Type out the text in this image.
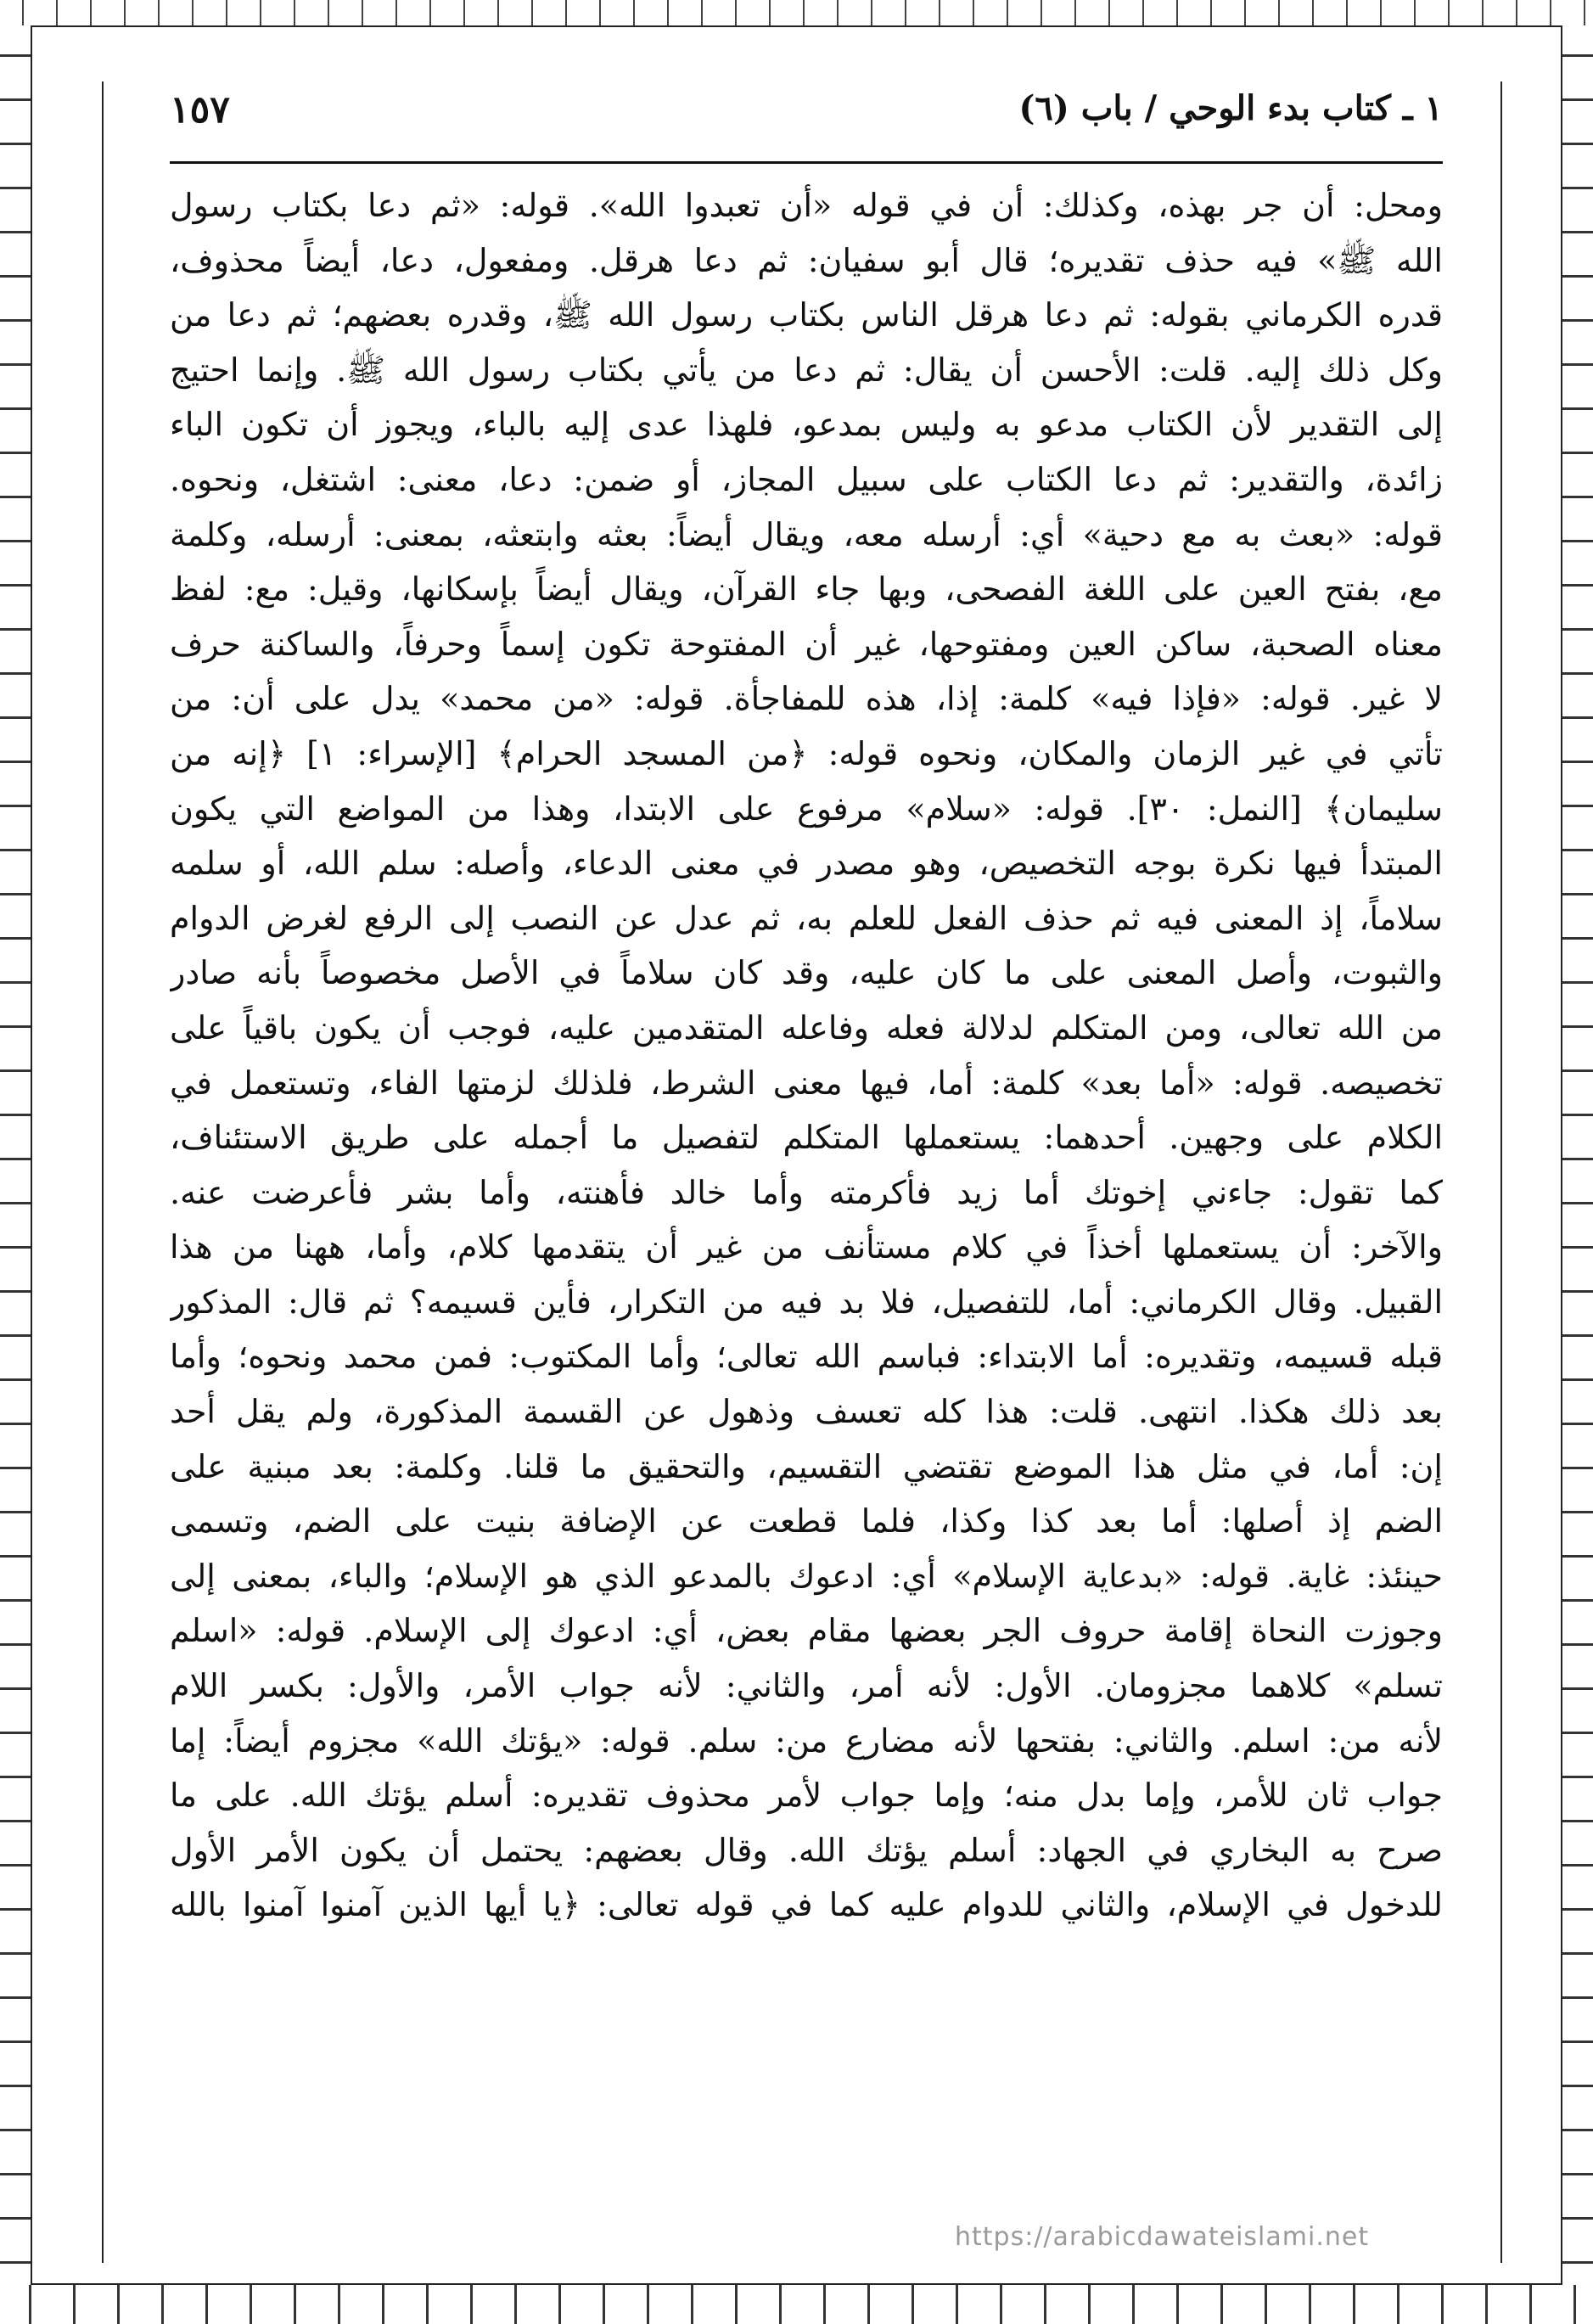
١ ـ كتاب بدء الوحي / باب (٦)
١٥٧
ومحل: أن جر بهذه، وكذلك: أن في قوله «أن تعبدوا الله». قوله: «ثم دعا بكتاب رسول
الله ﷺ» فيه حذف تقديره؛ قال أبو سفيان: ثم دعا هرقل. ومفعول، دعا، أيضاً محذوف،
قدره الكرماني بقوله: ثم دعا هرقل الناس بكتاب رسول الله ﷺ، وقدره بعضهم؛ ثم دعا من
وكل ذلك إليه. قلت: الأحسن أن يقال: ثم دعا من يأتي بكتاب رسول الله ﷺ. وإنما احتيج
إلى التقدير لأن الكتاب مدعو به وليس بمدعو، فلهذا عدى إليه بالباء، ويجوز أن تكون الباء
زائدة، والتقدير: ثم دعا الكتاب على سبيل المجاز، أو ضمن: دعا، معنى: اشتغل، ونحوه.
قوله: «بعث به مع دحية» أي: أرسله معه، ويقال أيضاً: بعثه وابتعثه، بمعنى: أرسله، وكلمة
مع، بفتح العين على اللغة الفصحى، وبها جاء القرآن، ويقال أيضاً بإسكانها، وقيل: مع: لفظ
معناه الصحبة، ساكن العين ومفتوحها، غير أن المفتوحة تكون إسماً وحرفاً، والساكنة حرف
لا غير. قوله: «فإذا فيه» كلمة: إذا، هذه للمفاجأة. قوله: «من محمد» يدل على أن: من
تأتي في غير الزمان والمكان، ونحوه قوله: ﴿من المسجد الحرام﴾ [الإسراء: ١] ﴿إنه من
سليمان﴾ [النمل: ٣٠]. قوله: «سلام» مرفوع على الابتدا، وهذا من المواضع التي يكون
المبتدأ فيها نكرة بوجه التخصيص، وهو مصدر في معنى الدعاء، وأصله: سلم الله، أو سلمه
سلاماً، إذ المعنى فيه ثم حذف الفعل للعلم به، ثم عدل عن النصب إلى الرفع لغرض الدوام
والثبوت، وأصل المعنى على ما كان عليه، وقد كان سلاماً في الأصل مخصوصاً بأنه صادر
من الله تعالى، ومن المتكلم لدلالة فعله وفاعله المتقدمين عليه، فوجب أن يكون باقياً على
تخصيصه. قوله: «أما بعد» كلمة: أما، فيها معنى الشرط، فلذلك لزمتها الفاء، وتستعمل في
الكلام على وجهين. أحدهما: يستعملها المتكلم لتفصيل ما أجمله على طريق الاستئناف،
كما تقول: جاءني إخوتك أما زيد فأكرمته وأما خالد فأهنته، وأما بشر فأعرضت عنه.
والآخر: أن يستعملها أخذاً في كلام مستأنف من غير أن يتقدمها كلام، وأما، ههنا من هذا
القبيل. وقال الكرماني: أما، للتفصيل، فلا بد فيه من التكرار، فأين قسيمه؟ ثم قال: المذكور
قبله قسيمه، وتقديره: أما الابتداء: فباسم الله تعالى؛ وأما المكتوب: فمن محمد ونحوه؛ وأما
بعد ذلك هكذا. انتهى. قلت: هذا كله تعسف وذهول عن القسمة المذكورة، ولم يقل أحد
إن: أما، في مثل هذا الموضع تقتضي التقسيم، والتحقيق ما قلنا. وكلمة: بعد مبنية على
الضم إذ أصلها: أما بعد كذا وكذا، فلما قطعت عن الإضافة بنيت على الضم، وتسمى
حينئذ: غاية. قوله: «بدعاية الإسلام» أي: ادعوك بالمدعو الذي هو الإسلام؛ والباء، بمعنى إلى
وجوزت النحاة إقامة حروف الجر بعضها مقام بعض، أي: ادعوك إلى الإسلام. قوله: «اسلم
تسلم» كلاهما مجزومان. الأول: لأنه أمر، والثاني: لأنه جواب الأمر، والأول: بكسر اللام
لأنه من: اسلم. والثاني: بفتحها لأنه مضارع من: سلم. قوله: «يؤتك الله» مجزوم أيضاً: إما
جواب ثان للأمر، وإما بدل منه؛ وإما جواب لأمر محذوف تقديره: أسلم يؤتك الله. على ما
صرح به البخاري في الجهاد: أسلم يؤتك الله. وقال بعضهم: يحتمل أن يكون الأمر الأول
للدخول في الإسلام، والثاني للدوام عليه كما في قوله تعالى: ﴿يا أيها الذين آمنوا آمنوا بالله
https://arabicdawateislami.net
